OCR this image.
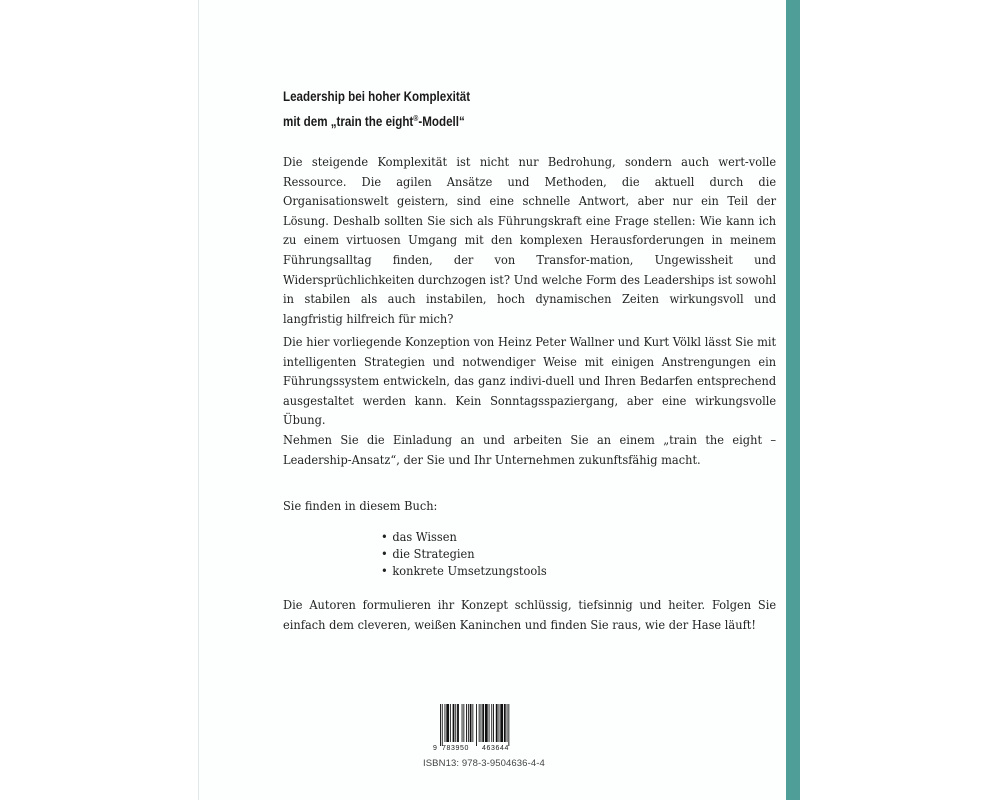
Leadership bei hoher Komplexität
mit dem „train the eight®-Modell“

Die steigende Komplexität ist nicht nur Bedrohung, sondern auch wert-volle Ressource. Die agilen Ansätze und Methoden, die aktuell durch die Organisationswelt geistern, sind eine schnelle Antwort, aber nur ein Teil der Lösung. Deshalb sollten Sie sich als Führungskraft eine Frage stellen: Wie kann ich zu einem virtuosen Umgang mit den komplexen Herausforderungen in meinem Führungsalltag finden, der von Transfor-mation, Ungewissheit und Widersprüchlichkeiten durchzogen ist? Und welche Form des Leaderships ist sowohl in stabilen als auch instabilen, hoch dynamischen Zeiten wirkungsvoll und langfristig hilfreich für mich?

Die hier vorliegende Konzeption von Heinz Peter Wallner und Kurt Völkl lässt Sie mit intelligenten Strategien und notwendiger Weise mit einigen Anstrengungen ein Führungssystem entwickeln, das ganz indivi-duell und Ihren Bedarfen entsprechend ausgestaltet werden kann. Kein Sonntagsspaziergang, aber eine wirkungsvolle Übung.

Nehmen Sie die Einladung an und arbeiten Sie an einem „train the eight – Leadership-Ansatz“, der Sie und Ihr Unternehmen zukunftsfähig macht.

Sie finden in diesem Buch:

• das Wissen
• die Strategien
• konkrete Umsetzungstools

Die Autoren formulieren ihr Konzept schlüssig, tiefsinnig und heiter. Folgen Sie einfach dem cleveren, weißen Kaninchen und finden Sie raus, wie der Hase läuft!

9 783950 463644
ISBN13: 978-3-9504636-4-4
